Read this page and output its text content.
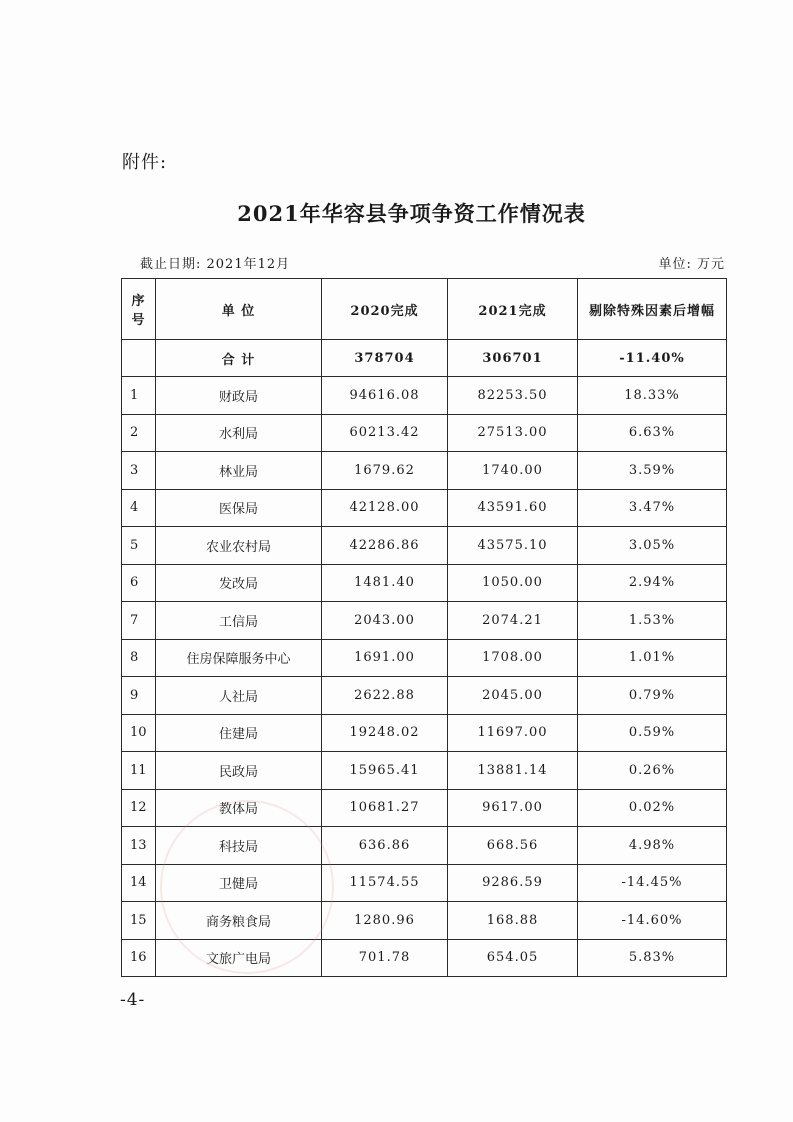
附件:
2021年华容县争项争资工作情况表
截止日期: 2021年12月	单位: 万元
序
号	单 位	2020完成	2021完成	剔除特殊因素后增幅
	合 计	378704	306701	-11.40%
1	财政局	94616.08	82253.50	18.33%
2	水利局	60213.42	27513.00	6.63%
3	林业局	1679.62	1740.00	3.59%
4	医保局	42128.00	43591.60	3.47%
5	农业农村局	42286.86	43575.10	3.05%
6	发改局	1481.40	1050.00	2.94%
7	工信局	2043.00	2074.21	1.53%
8	住房保障服务中心	1691.00	1708.00	1.01%
9	人社局	2622.88	2045.00	0.79%
10	住建局	19248.02	11697.00	0.59%
11	民政局	15965.41	13881.14	0.26%
12	教体局	10681.27	9617.00	0.02%
13	科技局	636.86	668.56	4.98%
14	卫健局	11574.55	9286.59	-14.45%
15	商务粮食局	1280.96	168.88	-14.60%
16	文旅广电局	701.78	654.05	5.83%
-4-
